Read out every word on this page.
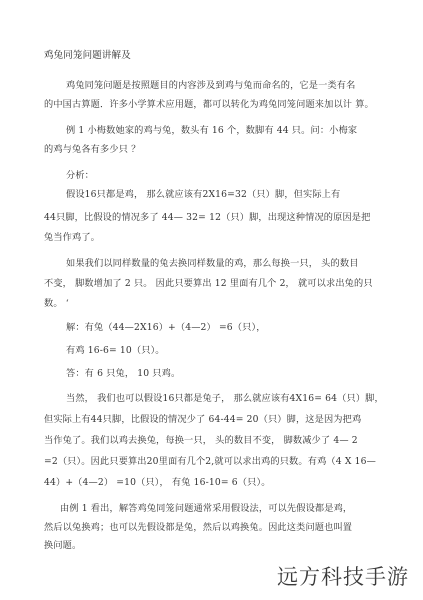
鸡兔同笼问题讲解及
鸡兔同笼问题是按照题目的内容涉及到鸡与兔而命名的，它是一类有名
的中国古算题．许多小学算术应用题，都可以转化为鸡兔同笼问题来加以计 算。
例 1 小梅数她家的鸡与兔，数头有 16 个，数脚有 44 只。问：小梅家
的鸡与兔各有多少只 ？
分析：
假设16只都是鸡， 那么就应该有2X16=32（只）脚，但实际上有
44只脚，比假设的情况多了 44— 32= 12（只）脚，出现这种情况的原因是把
兔当作鸡了。
如果我们以同样数量的兔去换同样数量的鸡，那么每换一只， 头的数目
不变， 脚数增加了 2 只。 因此只要算出 12 里面有几个 2， 就可以求出兔的只
数。 ‘
解：有兔（44—2X16）+（4—2） =6（只），
有鸡 16-6= 10（只）。
答：有 6 只兔， 10 只鸡。
当然， 我们也可以假设16只都是兔子， 那么就应该有4X16= 64（只）脚，
但实际上有44只脚，比假设的情况少了 64-44= 20（只）脚，这是因为把鸡
当作兔了。我们以鸡去换兔，每换一只， 头的数目不变， 脚数减少了 4— 2
=2（只）。因此只要算出20里面有几个2,就可以求出鸡的只数。有鸡（4 X 16—
44）+（4—2） =10（只）， 有兔 16-10= 6（只）。
由例 1 看出，解答鸡兔同笼问题通常采用假设法，可以先假设都是鸡，
然后以兔换鸡；也可以先假设都是兔，然后以鸡换兔。因此这类问题也叫置
换问题。
远方科技手游
